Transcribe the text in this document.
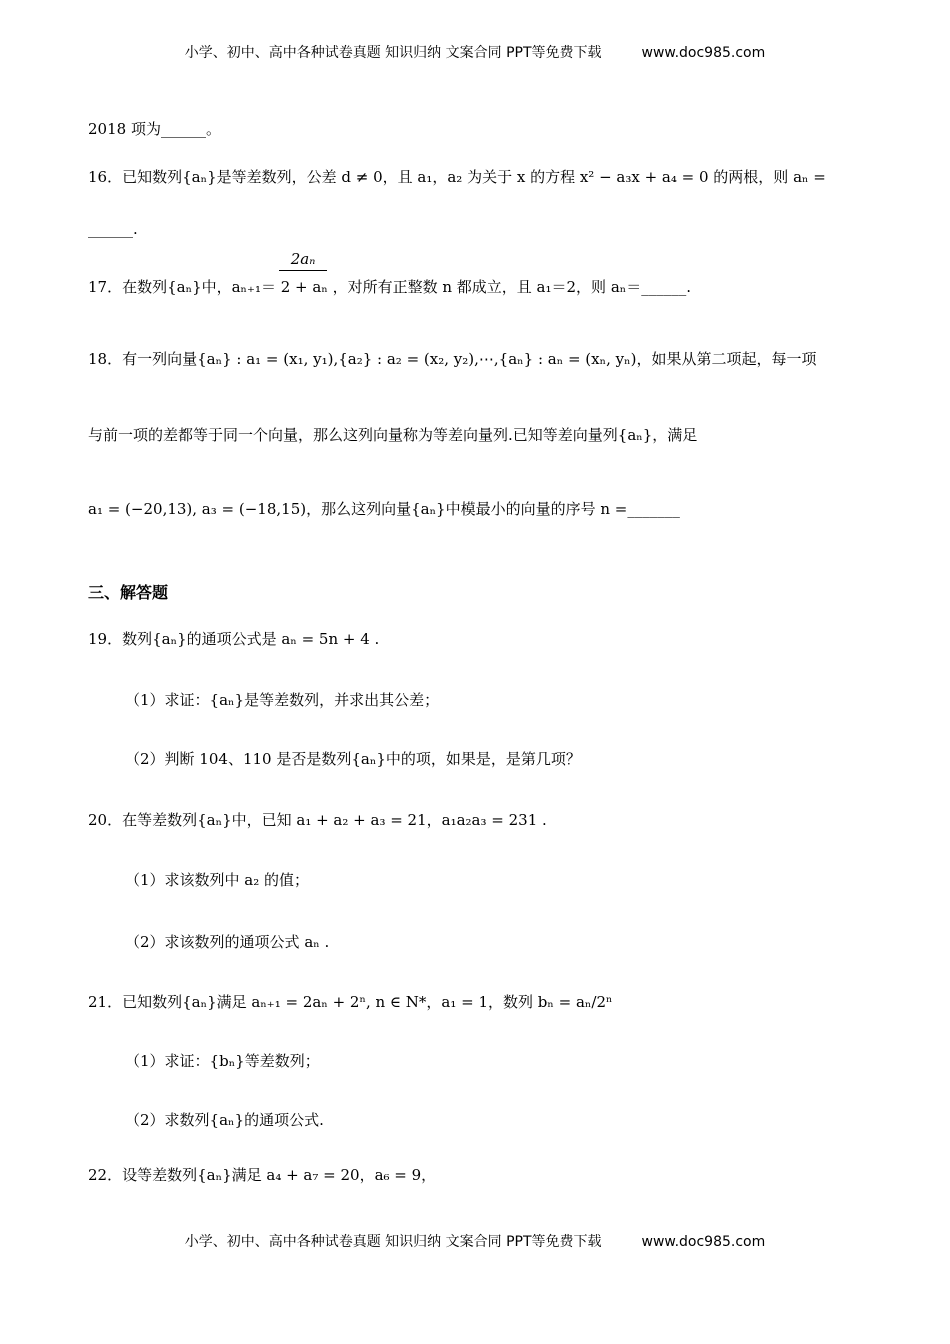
小学、初中、高中各种试卷真题 知识归纳 文案合同 PPT等免费下载	www.doc985.com
2018 项为______。
16．已知数列{aₙ}是等差数列，公差 d ≠ 0，且 a₁，a₂ 为关于 x 的方程 x² − a₃x + a₄ = 0 的两根，则 aₙ =
______.
2aₙ
17．在数列{aₙ}中，aₙ₊₁＝ 2 + aₙ ，对所有正整数 n 都成立，且 a₁＝2，则 aₙ＝______.
18．有一列向量{aₙ} : a₁ = (x₁, y₁),{a₂} : a₂ = (x₂, y₂),⋯,{aₙ} : aₙ = (xₙ, yₙ)，如果从第二项起，每一项
与前一项的差都等于同一个向量，那么这列向量称为等差向量列.已知等差向量列{aₙ}，满足
a₁ = (−20,13), a₃ = (−18,15)，那么这列向量{aₙ}中模最小的向量的序号 n =_______
三、解答题
19．数列{aₙ}的通项公式是 aₙ = 5n + 4 .
（1）求证：{aₙ}是等差数列，并求出其公差；
（2）判断 104、110 是否是数列{aₙ}中的项，如果是，是第几项？
20．在等差数列{aₙ}中，已知 a₁ + a₂ + a₃ = 21，a₁a₂a₃ = 231 .
（1）求该数列中 a₂ 的值；
（2）求该数列的通项公式 aₙ .
21．已知数列{aₙ}满足 aₙ₊₁ = 2aₙ + 2ⁿ, n ∈ N*，a₁ = 1，数列 bₙ = aₙ/2ⁿ
（1）求证：{bₙ}等差数列；
（2）求数列{aₙ}的通项公式.
22．设等差数列{aₙ}满足 a₄ + a₇ = 20，a₆ = 9，
小学、初中、高中各种试卷真题 知识归纳 文案合同 PPT等免费下载	www.doc985.com
